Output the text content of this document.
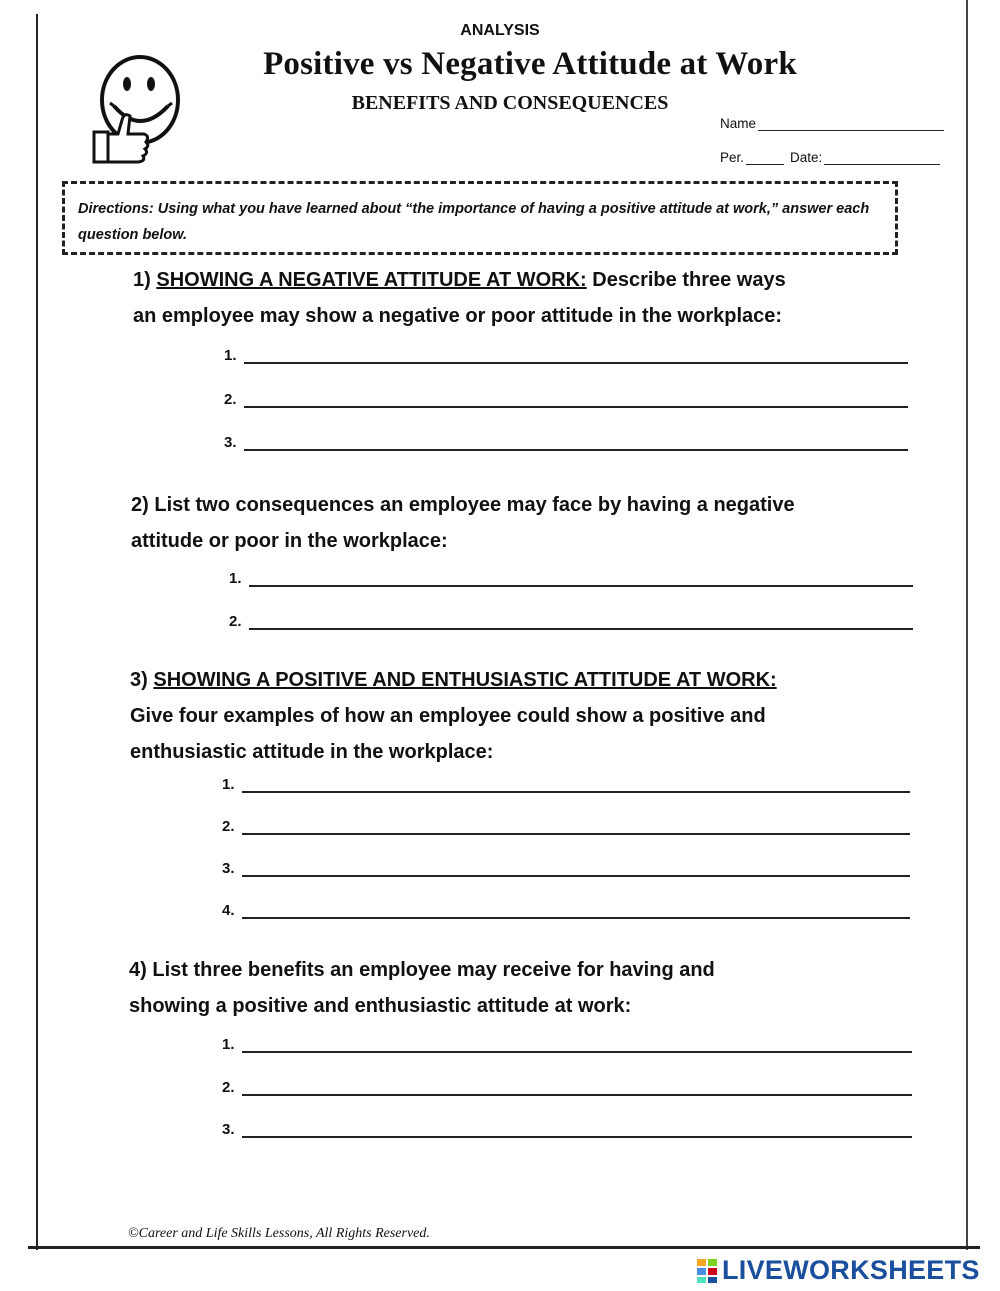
ANALYSIS
Positive vs Negative Attitude at Work
BENEFITS AND CONSEQUENCES
Name
Per.	Date:
Directions: Using what you have learned about “the importance of having a positive attitude at work,” answer each question below.
1) SHOWING A NEGATIVE ATTITUDE AT WORK: Describe three ways
an employee may show a negative or poor attitude in the workplace:
1.
2.
3.
2) List two consequences an employee may face by having a negative
attitude or poor in the workplace:
1.
2.
3) SHOWING A POSITIVE AND ENTHUSIASTIC ATTITUDE AT WORK:
Give four examples of how an employee could show a positive and
enthusiastic attitude in the workplace:
1.
2.
3.
4.
4) List three benefits an employee may receive for having and
showing a positive and enthusiastic attitude at work:
1.
2.
3.
©Career and Life Skills Lessons, All Rights Reserved.
LIVEWORKSHEETS
